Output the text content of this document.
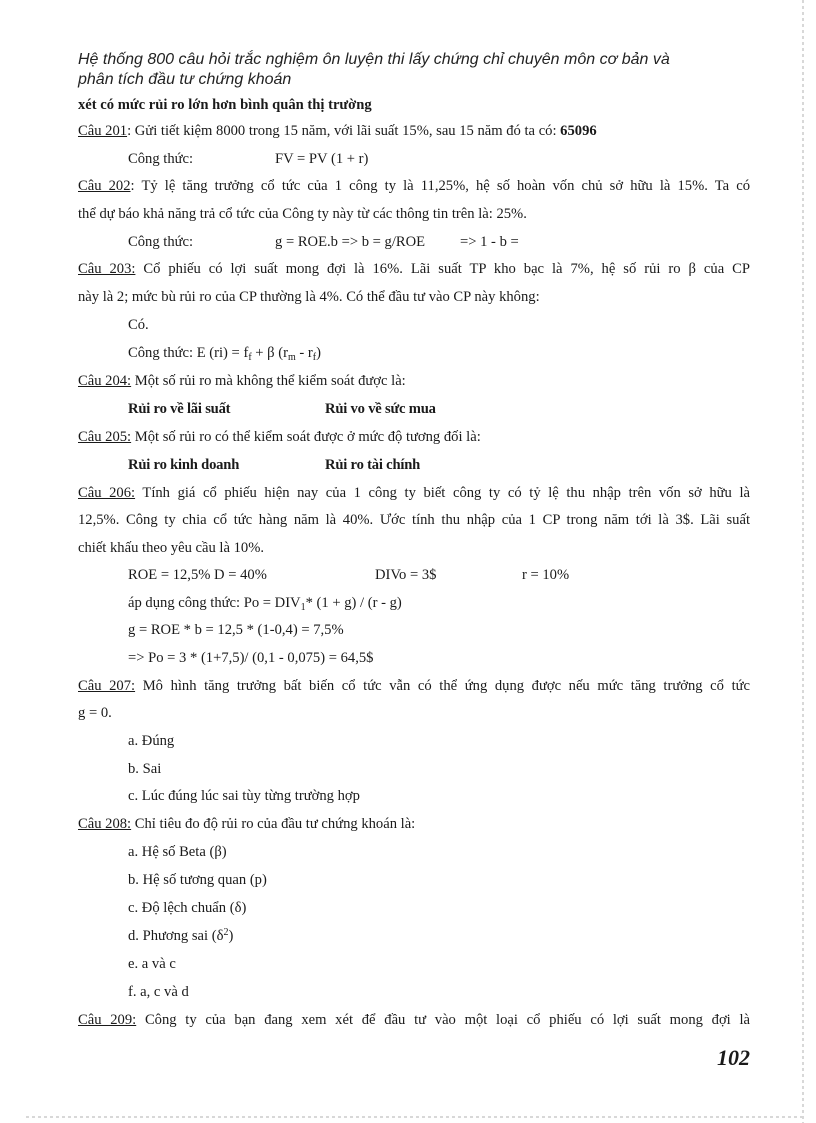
Hệ thống 800 câu hỏi trắc nghiệm ôn luyện thi lấy chứng chỉ chuyên môn cơ bản và
phân tích đầu tư chứng khoán
xét có mức rủi ro lớn hơn bình quân thị trường
Câu 201: Gửi tiết kiệm 8000 trong 15 năm, với lãi suất 15%, sau 15 năm đó ta có: 65096
Công thức:	FV = PV (1 + r)
Câu 202: Tỷ lệ tăng trưởng cổ tức của 1 công ty là 11,25%, hệ số hoàn vốn chủ sở hữu là 15%. Ta có
thể dự báo khả năng trả cổ tức của Công ty này từ các thông tin trên là: 25%.
Công thức:	g = ROE.b => b = g/ROE => 1 - b =
Câu 203: Cổ phiếu có lợi suất mong đợi là 16%. Lãi suất TP kho bạc là 7%, hệ số rủi ro β của CP
này là 2; mức bù rủi ro của CP thường là 4%. Có thể đầu tư vào CP này không:
Có.
Công thức: E $(ri) = f_f + \beta$ $(r_m - r_f)$
Câu 204: Một số rủi ro mà không thể kiểm soát được là:
Rủi ro về lãi suất	Rủi vo về sức mua
Câu 205: Một số rủi ro có thể kiểm soát được ở mức độ tương đối là:
Rủi ro kinh doanh	Rủi ro tài chính
Câu 206: Tính giá cổ phiếu hiện nay của 1 công ty biết công ty có tỷ lệ thu nhập trên vốn sở hữu là
12,5%. Công ty chia cổ tức hàng năm là 40%. Ước tính thu nhập của 1 CP trong năm tới là 3$. Lãi suất
chiết khấu theo yêu cầu là 10%.
ROE = 12,5% D = 40%	DIVo = 3$	r = 10%
áp dụng công thức: $Po = DIV_1*$ (1 + g) / (r - g)
g = ROE * b = 12,5 * (1-0,4) = 7,5%
=> Po = 3 * (1+7,5)/ (0,1 - 0,075) = 64,5$
Câu 207: Mô hình tăng trưởng bất biến cổ tức vẫn có thể ứng dụng được nếu mức tăng trưởng cổ tức
g = 0.
a. Đúng
b. Sai
c. Lúc đúng lúc sai tùy từng trường hợp
Câu 208: Chỉ tiêu đo độ rủi ro của đầu tư chứng khoán là:
a. Hệ số Beta (β)
b. Hệ số tương quan (p)
c. Độ lệch chuẩn (δ)
d. Phương sai $(\delta^2)$
e. a và c
f. a, c và d
Câu 209: Công ty của bạn đang xem xét để đầu tư vào một loại cổ phiếu có lợi suất mong đợi là
102
